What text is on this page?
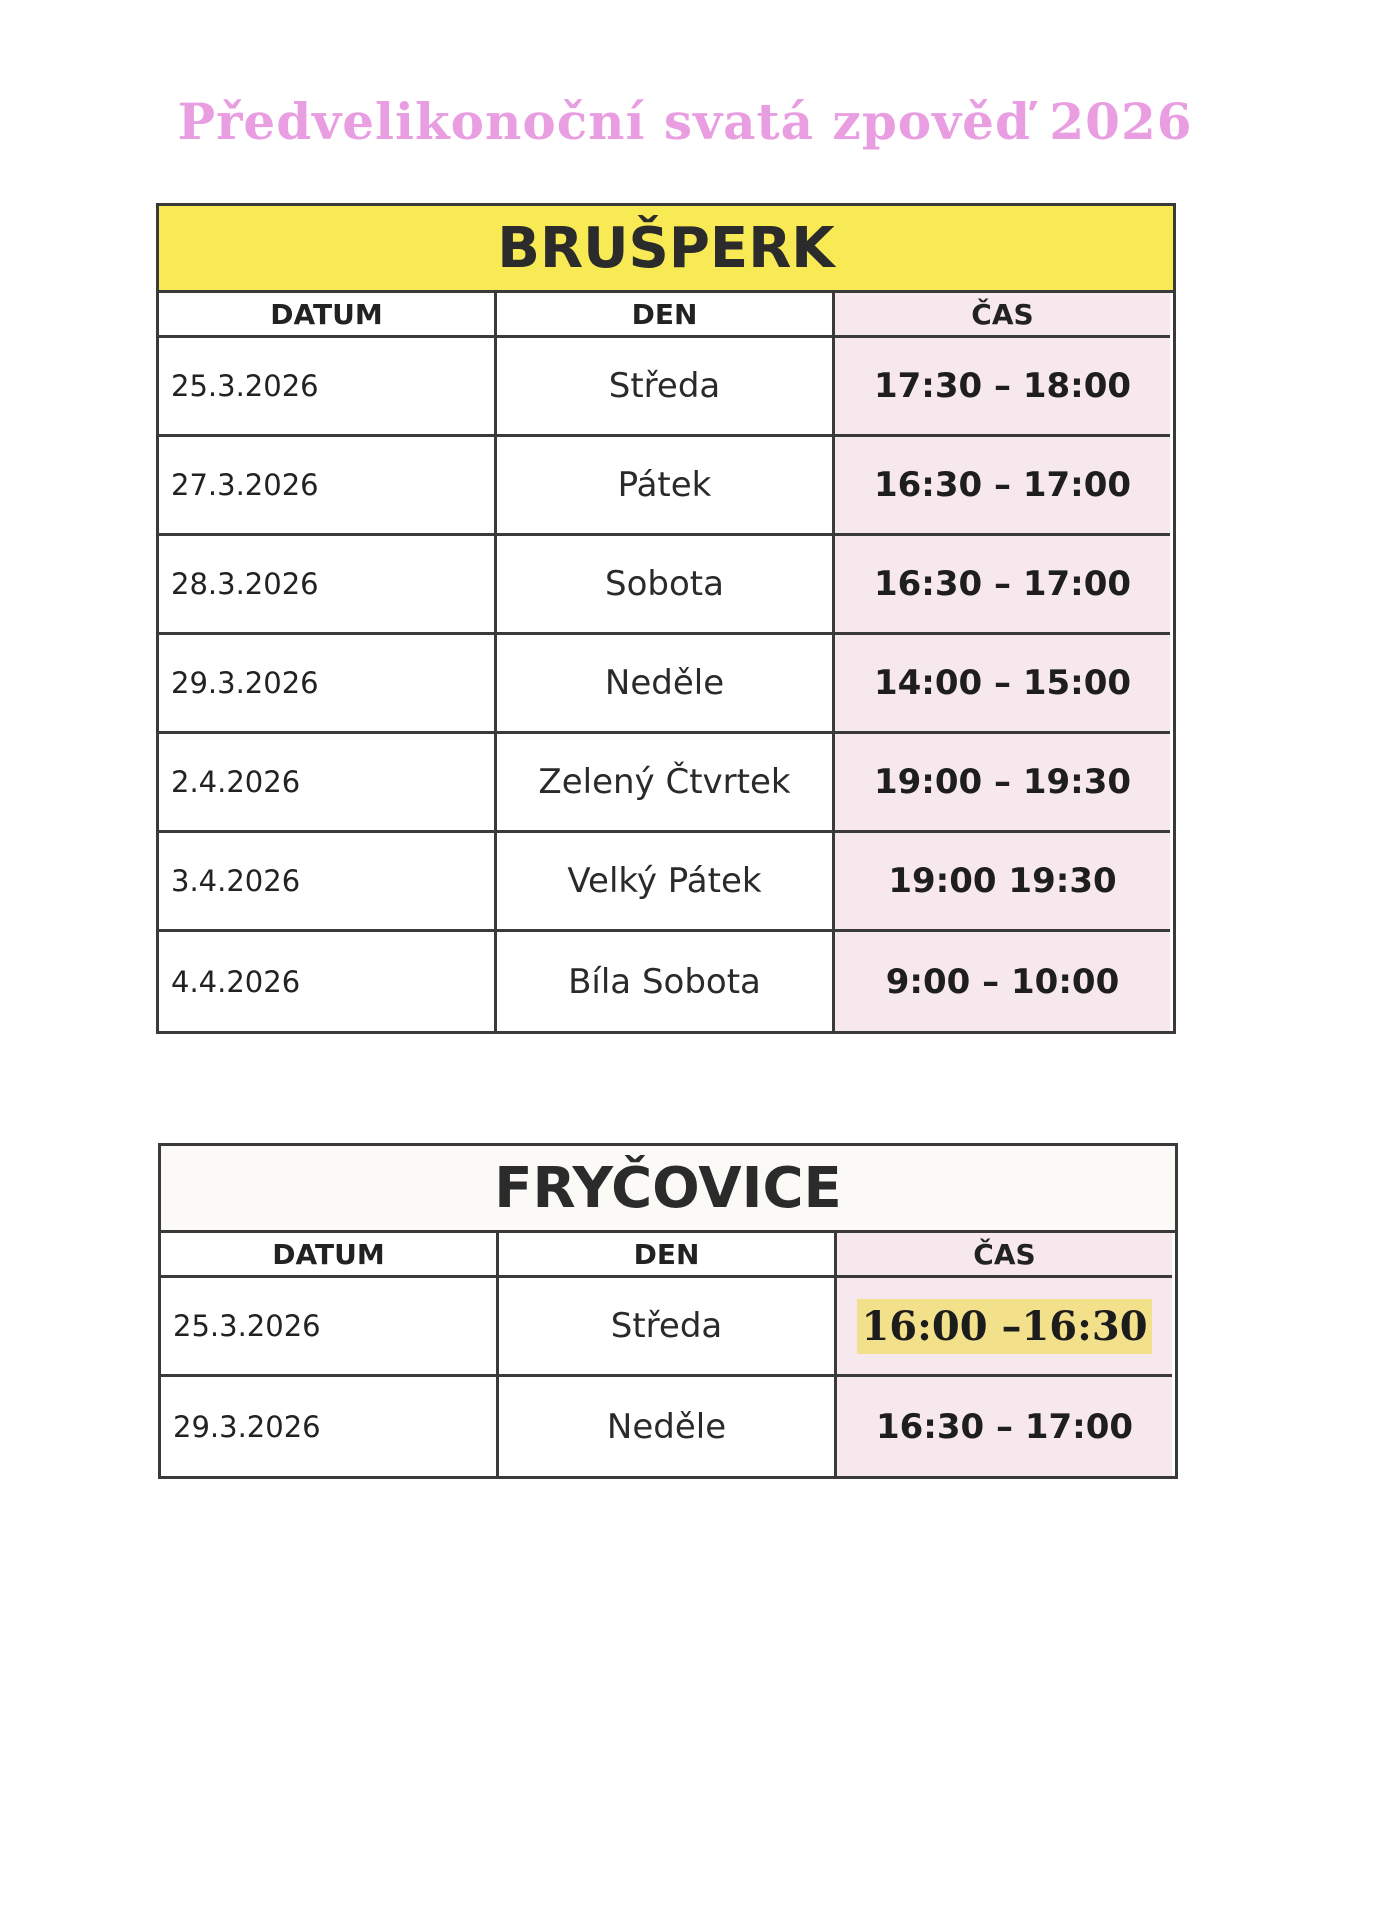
Předvelikonoční svatá zpověď 2026
BRUŠPERK
DATUM	DEN	ČAS
25.3.2026	Středa	17:30 – 18:00
27.3.2026	Pátek	16:30 – 17:00
28.3.2026	Sobota	16:30 – 17:00
29.3.2026	Neděle	14:00 – 15:00
2.4.2026	Zelený Čtvrtek	19:00 – 19:30
3.4.2026	Velký Pátek	19:00 19:30
4.4.2026	Bíla Sobota	9:00 – 10:00
FRYČOVICE
DATUM	DEN	ČAS
25.3.2026	Středa	16:00 –16:30
29.3.2026	Neděle	16:30 – 17:00
